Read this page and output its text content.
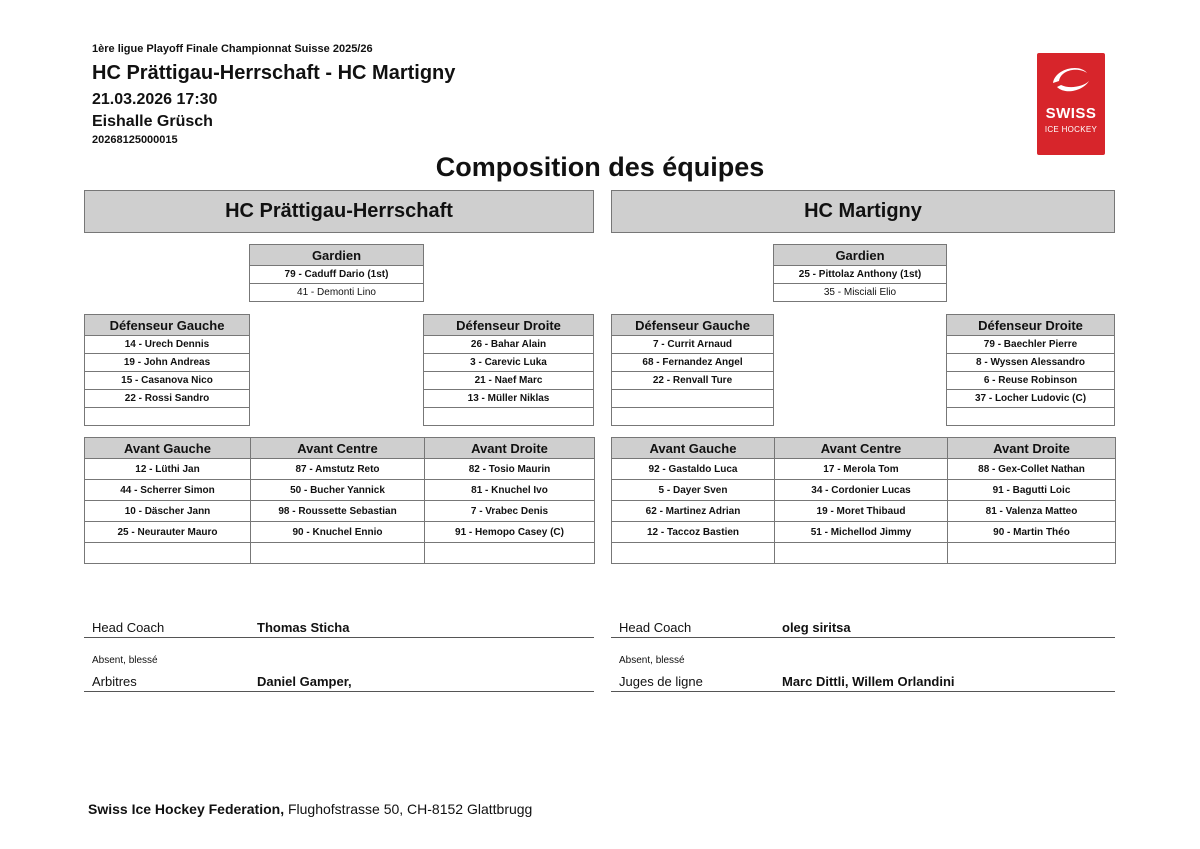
1ère ligue Playoff Finale Championnat Suisse 2025/26
HC Prättigau-Herrschaft - HC Martigny
21.03.2026 17:30
Eishalle Grüsch
20268125000015
SWISS
ICE HOCKEY
Composition des équipes
HC Prättigau-Herrschaft	HC Martigny
Gardien
79 - Caduff Dario (1st)
41 - Demonti Lino
Gardien
25 - Pittolaz Anthony (1st)
35 - Misciali Elio
Défenseur Gauche
14 - Urech Dennis
19 - John Andreas
15 - Casanova Nico
22 - Rossi Sandro

Défenseur Droite
26 - Bahar Alain
3 - Carevic Luka
21 - Naef Marc
13 - Müller Niklas

Défenseur Gauche
7 - Currit Arnaud
68 - Fernandez Angel
22 - Renvall Ture

Défenseur Droite
79 - Baechler Pierre
8 - Wyssen Alessandro
6 - Reuse Robinson
37 - Locher Ludovic (C)

Avant Gauche	Avant Centre	Avant Droite
12 - Lüthi Jan	87 - Amstutz Reto	82 - Tosio Maurin
44 - Scherrer Simon	50 - Bucher Yannick	81 - Knuchel Ivo
10 - Däscher Jann	98 - Roussette Sebastian	7 - Vrabec Denis
25 - Neurauter Mauro	90 - Knuchel Ennio	91 - Hemopo Casey (C)

Avant Gauche	Avant Centre	Avant Droite
92 - Gastaldo Luca	17 - Merola Tom	88 - Gex-Collet Nathan
5 - Dayer Sven	34 - Cordonier Lucas	91 - Bagutti Loic
62 - Martinez Adrian	19 - Moret Thibaud	81 - Valenza Matteo
12 - Taccoz Bastien	51 - Michellod Jimmy	90 - Martin Théo

Head Coach	Thomas Sticha
Absent, blessé
Arbitres	Daniel Gamper,
Head Coach	oleg siritsa
Absent, blessé
Juges de ligne	Marc Dittli, Willem Orlandini
Swiss Ice Hockey Federation, Flughofstrasse 50, CH-8152 Glattbrugg
